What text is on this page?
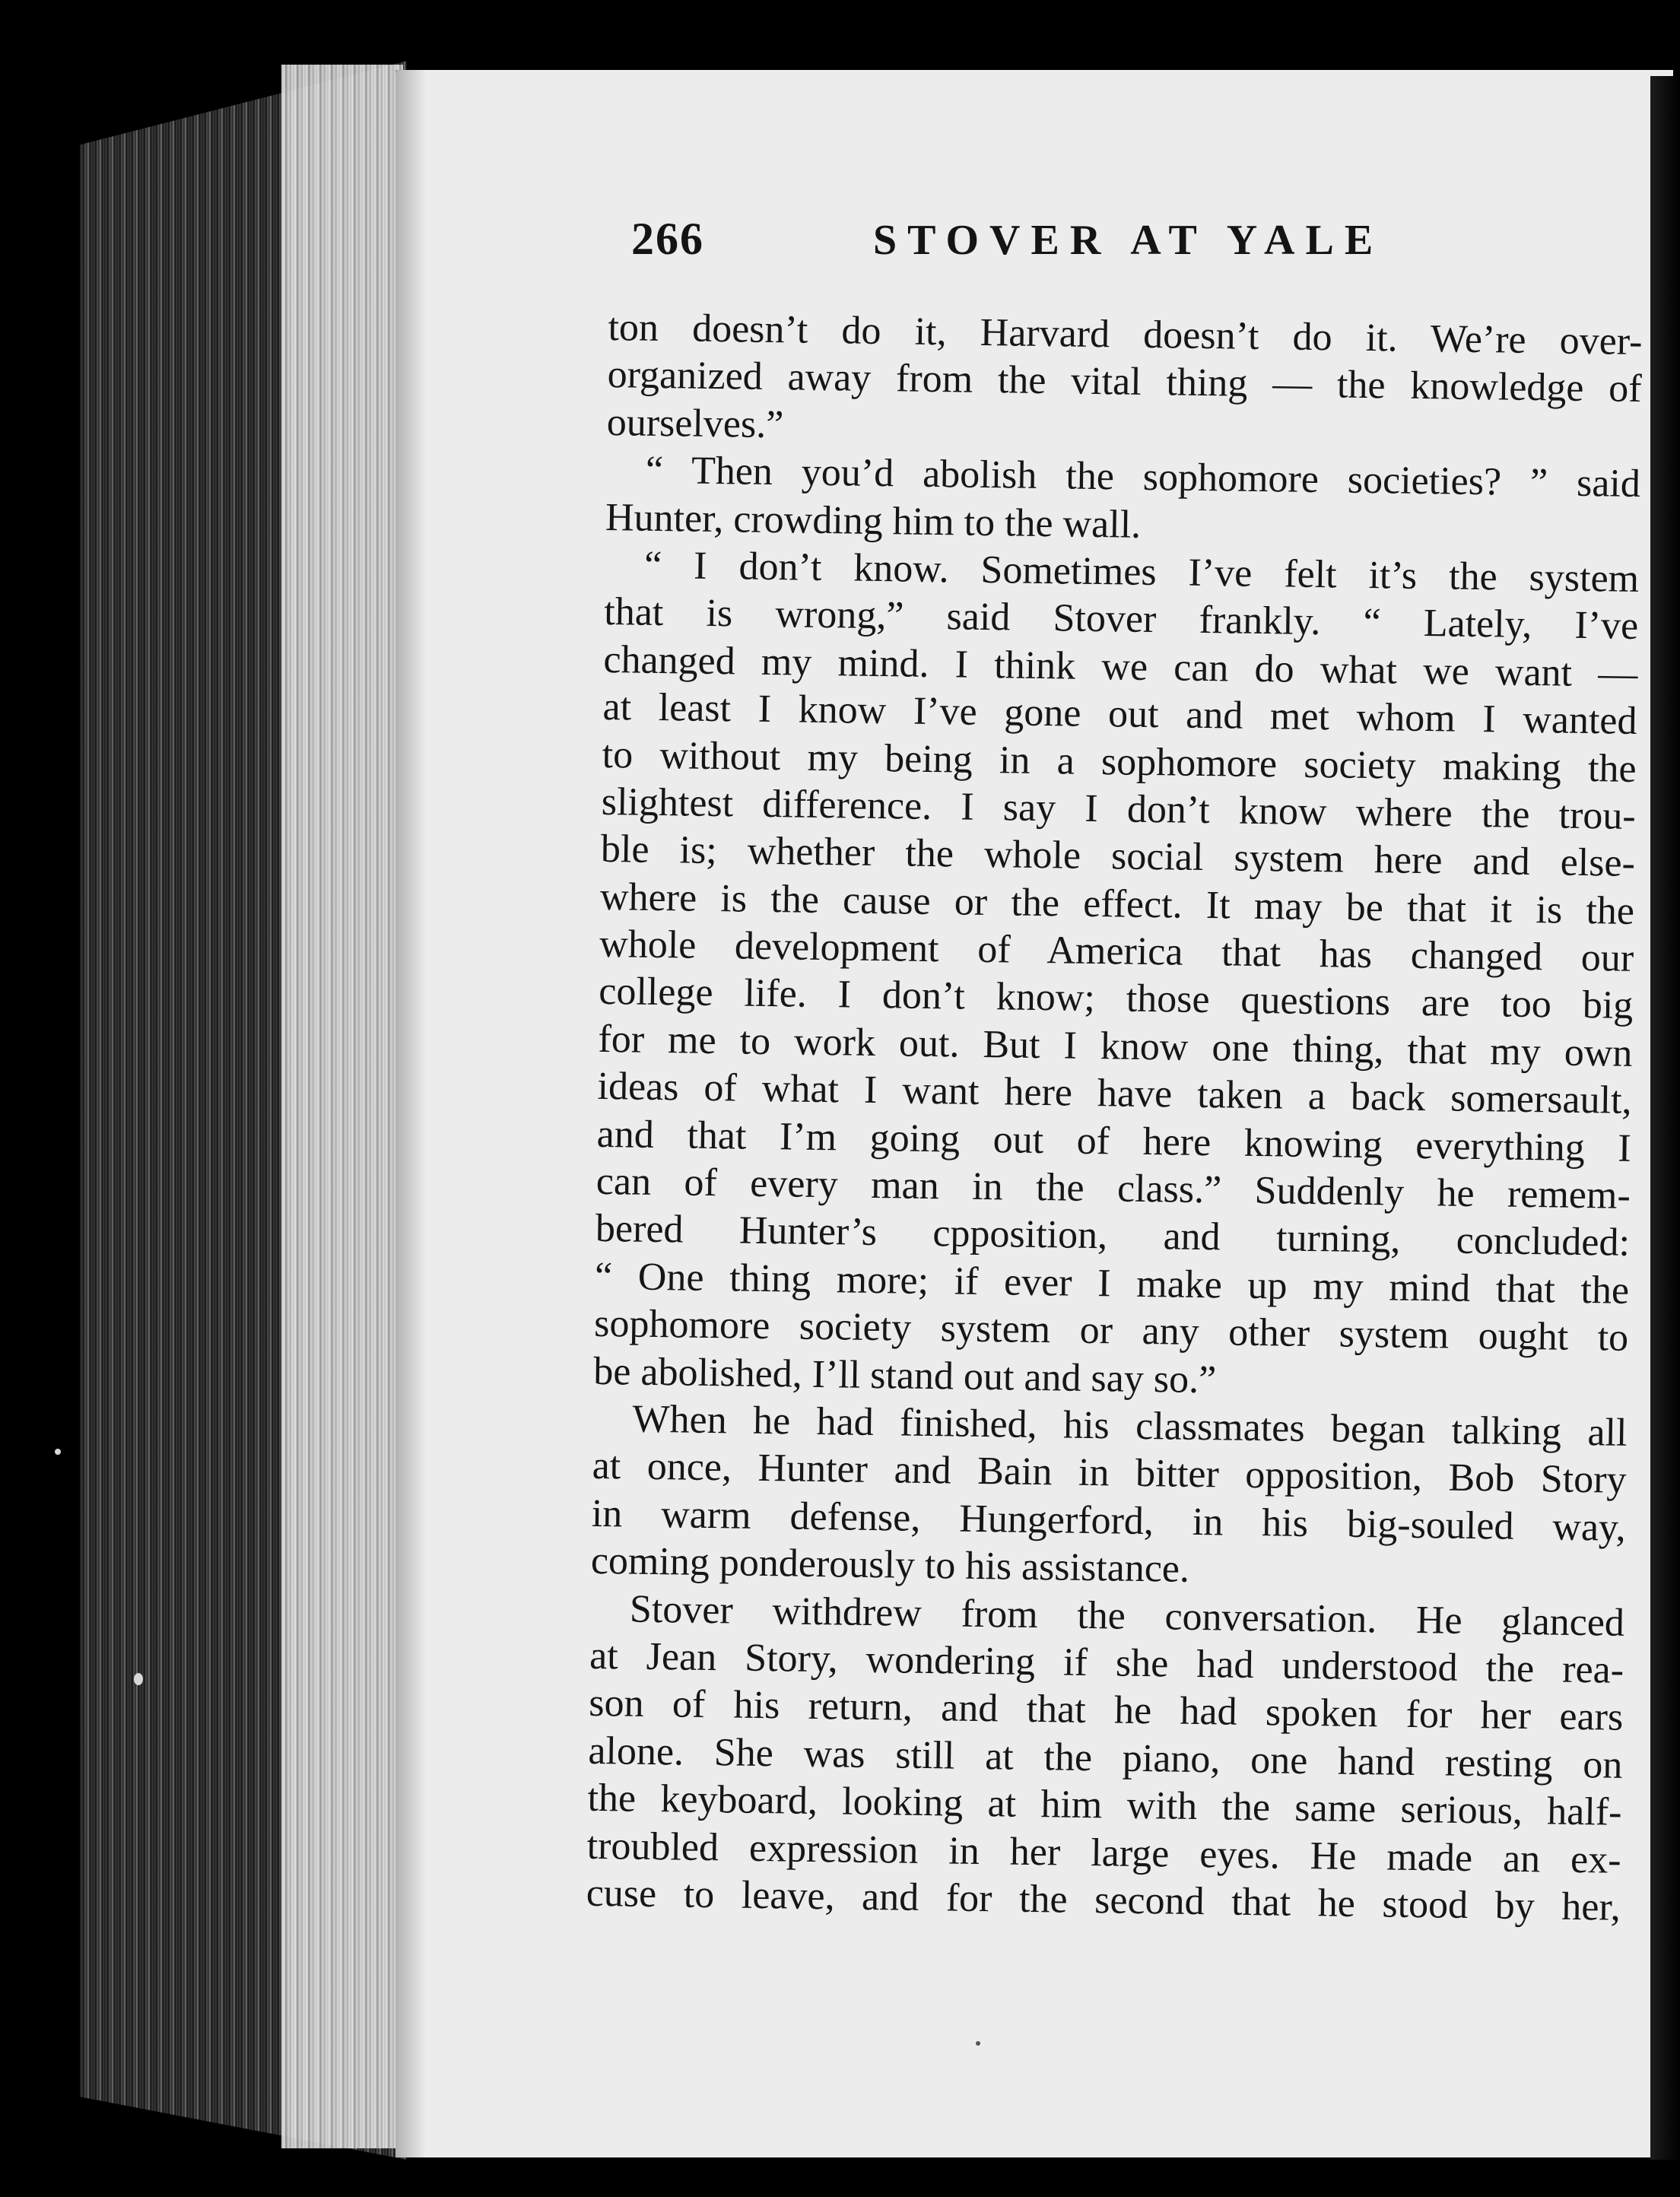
266	STOVER AT YALE
ton doesn’t do it, Harvard doesn’t do it. We’re over-
organized away from the vital thing — the knowledge of
ourselves.”
“ Then you’d abolish the sophomore societies? ” said
Hunter, crowding him to the wall.
“ I don’t know. Sometimes I’ve felt it’s the system
that is wrong,” said Stover frankly. “ Lately, I’ve
changed my mind. I think we can do what we want —
at least I know I’ve gone out and met whom I wanted
to without my being in a sophomore society making the
slightest difference. I say I don’t know where the trou-
ble is; whether the whole social system here and else-
where is the cause or the effect. It may be that it is the
whole development of America that has changed our
college life. I don’t know; those questions are too big
for me to work out. But I know one thing, that my own
ideas of what I want here have taken a back somersault,
and that I’m going out of here knowing everything I
can of every man in the class.” Suddenly he remem-
bered Hunter’s cpposition, and turning, concluded:
“ One thing more; if ever I make up my mind that the
sophomore society system or any other system ought to
be abolished, I’ll stand out and say so.”
When he had finished, his classmates began talking all
at once, Hunter and Bain in bitter opposition, Bob Story
in warm defense, Hungerford, in his big-souled way,
coming ponderously to his assistance.
Stover withdrew from the conversation. He glanced
at Jean Story, wondering if she had understood the rea-
son of his return, and that he had spoken for her ears
alone. She was still at the piano, one hand resting on
the keyboard, looking at him with the same serious, half-
troubled expression in her large eyes. He made an ex-
cuse to leave, and for the second that he stood by her,
